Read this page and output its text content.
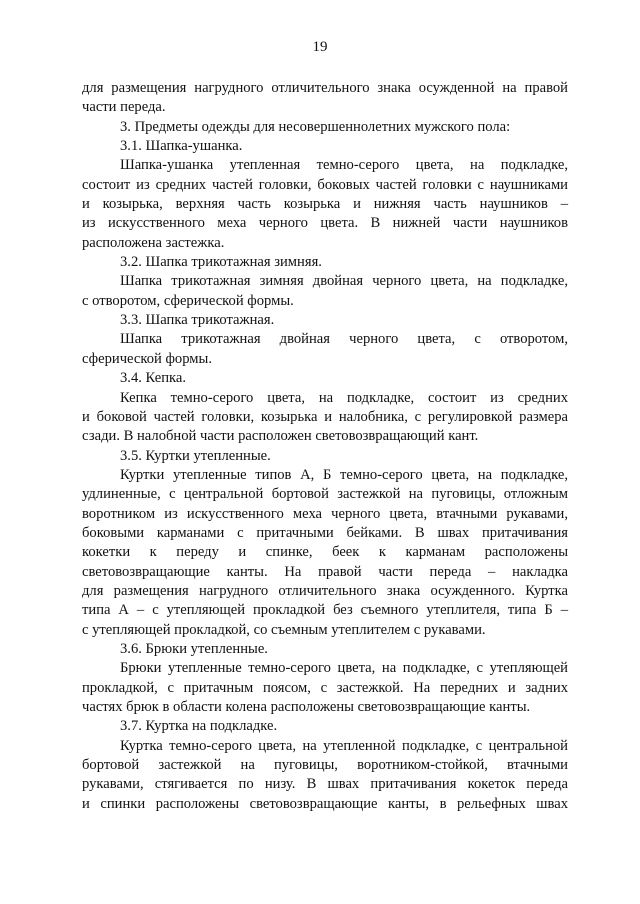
19
для размещения нагрудного отличительного знака осужденной на правой
части переда.
3. Предметы одежды для несовершеннолетних мужского пола:
3.1. Шапка-ушанка.
Шапка-ушанка утепленная темно-серого цвета, на подкладке,
состоит из средних частей головки, боковых частей головки с наушниками
и козырька, верхняя часть козырька и нижняя часть наушников –
из искусственного меха черного цвета. В нижней части наушников
расположена застежка.
3.2. Шапка трикотажная зимняя.
Шапка трикотажная зимняя двойная черного цвета, на подкладке,
с отворотом, сферической формы.
3.3. Шапка трикотажная.
Шапка трикотажная двойная черного цвета, с отворотом,
сферической формы.
3.4. Кепка.
Кепка темно-серого цвета, на подкладке, состоит из средних
и боковой частей головки, козырька и налобника, с регулировкой размера
сзади. В налобной части расположен световозвращающий кант.
3.5. Куртки утепленные.
Куртки утепленные типов А, Б темно-серого цвета, на подкладке,
удлиненные, с центральной бортовой застежкой на пуговицы, отложным
воротником из искусственного меха черного цвета, втачными рукавами,
боковыми карманами с притачными бейками. В швах притачивания
кокетки к переду и спинке, беек к карманам расположены
световозвращающие канты. На правой части переда – накладка
для размещения нагрудного отличительного знака осужденного. Куртка
типа А – с утепляющей прокладкой без съемного утеплителя, типа Б –
с утепляющей прокладкой, со съемным утеплителем с рукавами.
3.6. Брюки утепленные.
Брюки утепленные темно-серого цвета, на подкладке, с утепляющей
прокладкой, с притачным поясом, с застежкой. На передних и задних
частях брюк в области колена расположены световозвращающие канты.
3.7. Куртка на подкладке.
Куртка темно-серого цвета, на утепленной подкладке, с центральной
бортовой застежкой на пуговицы, воротником-стойкой, втачными
рукавами, стягивается по низу. В швах притачивания кокеток переда
и спинки расположены световозвращающие канты, в рельефных швах
